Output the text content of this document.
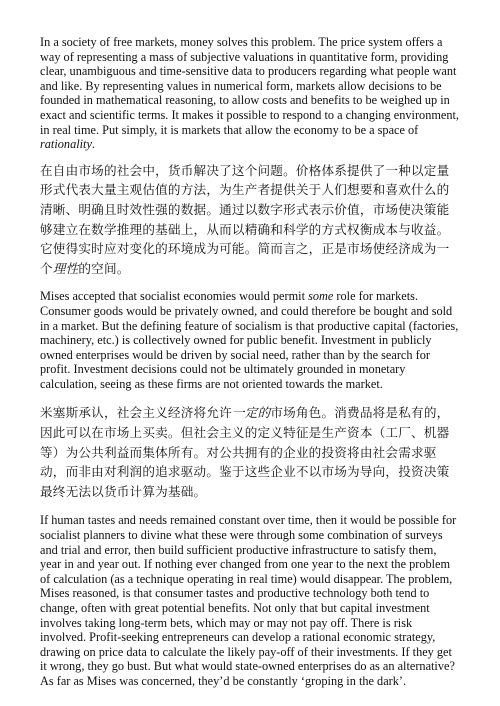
In a society of free markets, money solves this problem. The price system offers a way of representing a mass of subjective valuations in quantitative form, providing clear, unambiguous and time-sensitive data to producers regarding what people want and like. By representing values in numerical form, markets allow decisions to be founded in mathematical reasoning, to allow costs and benefits to be weighed up in exact and scientific terms. It makes it possible to respond to a changing environment, in real time. Put simply, it is markets that allow the economy to be a space of rationality.

在自由市场的社会中，货币解决了这个问题。价格体系提供了一种以定量形式代表大量主观估值的方法，为生产者提供关于人们想要和喜欢什么的清晰、明确且时效性强的数据。通过以数字形式表示价值，市场使决策能够建立在数学推理的基础上，从而以精确和科学的方式权衡成本与收益。它使得实时应对变化的环境成为可能。简而言之，正是市场使经济成为一个理性的空间。

Mises accepted that socialist economies would permit some role for markets. Consumer goods would be privately owned, and could therefore be bought and sold in a market. But the defining feature of socialism is that productive capital (factories, machinery, etc.) is collectively owned for public benefit. Investment in publicly owned enterprises would be driven by social need, rather than by the search for profit. Investment decisions could not be ultimately grounded in monetary calculation, seeing as these firms are not oriented towards the market.

米塞斯承认，社会主义经济将允许一定的市场角色。消费品将是私有的，因此可以在市场上买卖。但社会主义的定义特征是生产资本（工厂、机器等）为公共利益而集体所有。对公共拥有的企业的投资将由社会需求驱动，而非由对利润的追求驱动。鉴于这些企业不以市场为导向，投资决策最终无法以货币计算为基础。

If human tastes and needs remained constant over time, then it would be possible for socialist planners to divine what these were through some combination of surveys and trial and error, then build sufficient productive infrastructure to satisfy them, year in and year out. If nothing ever changed from one year to the next the problem of calculation (as a technique operating in real time) would disappear. The problem, Mises reasoned, is that consumer tastes and productive technology both tend to change, often with great potential benefits. Not only that but capital investment involves taking long-term bets, which may or may not pay off. There is risk involved. Profit-seeking entrepreneurs can develop a rational economic strategy, drawing on price data to calculate the likely pay-off of their investments. If they get it wrong, they go bust. But what would state-owned enterprises do as an alternative? As far as Mises was concerned, they’d be constantly ‘groping in the dark’.
